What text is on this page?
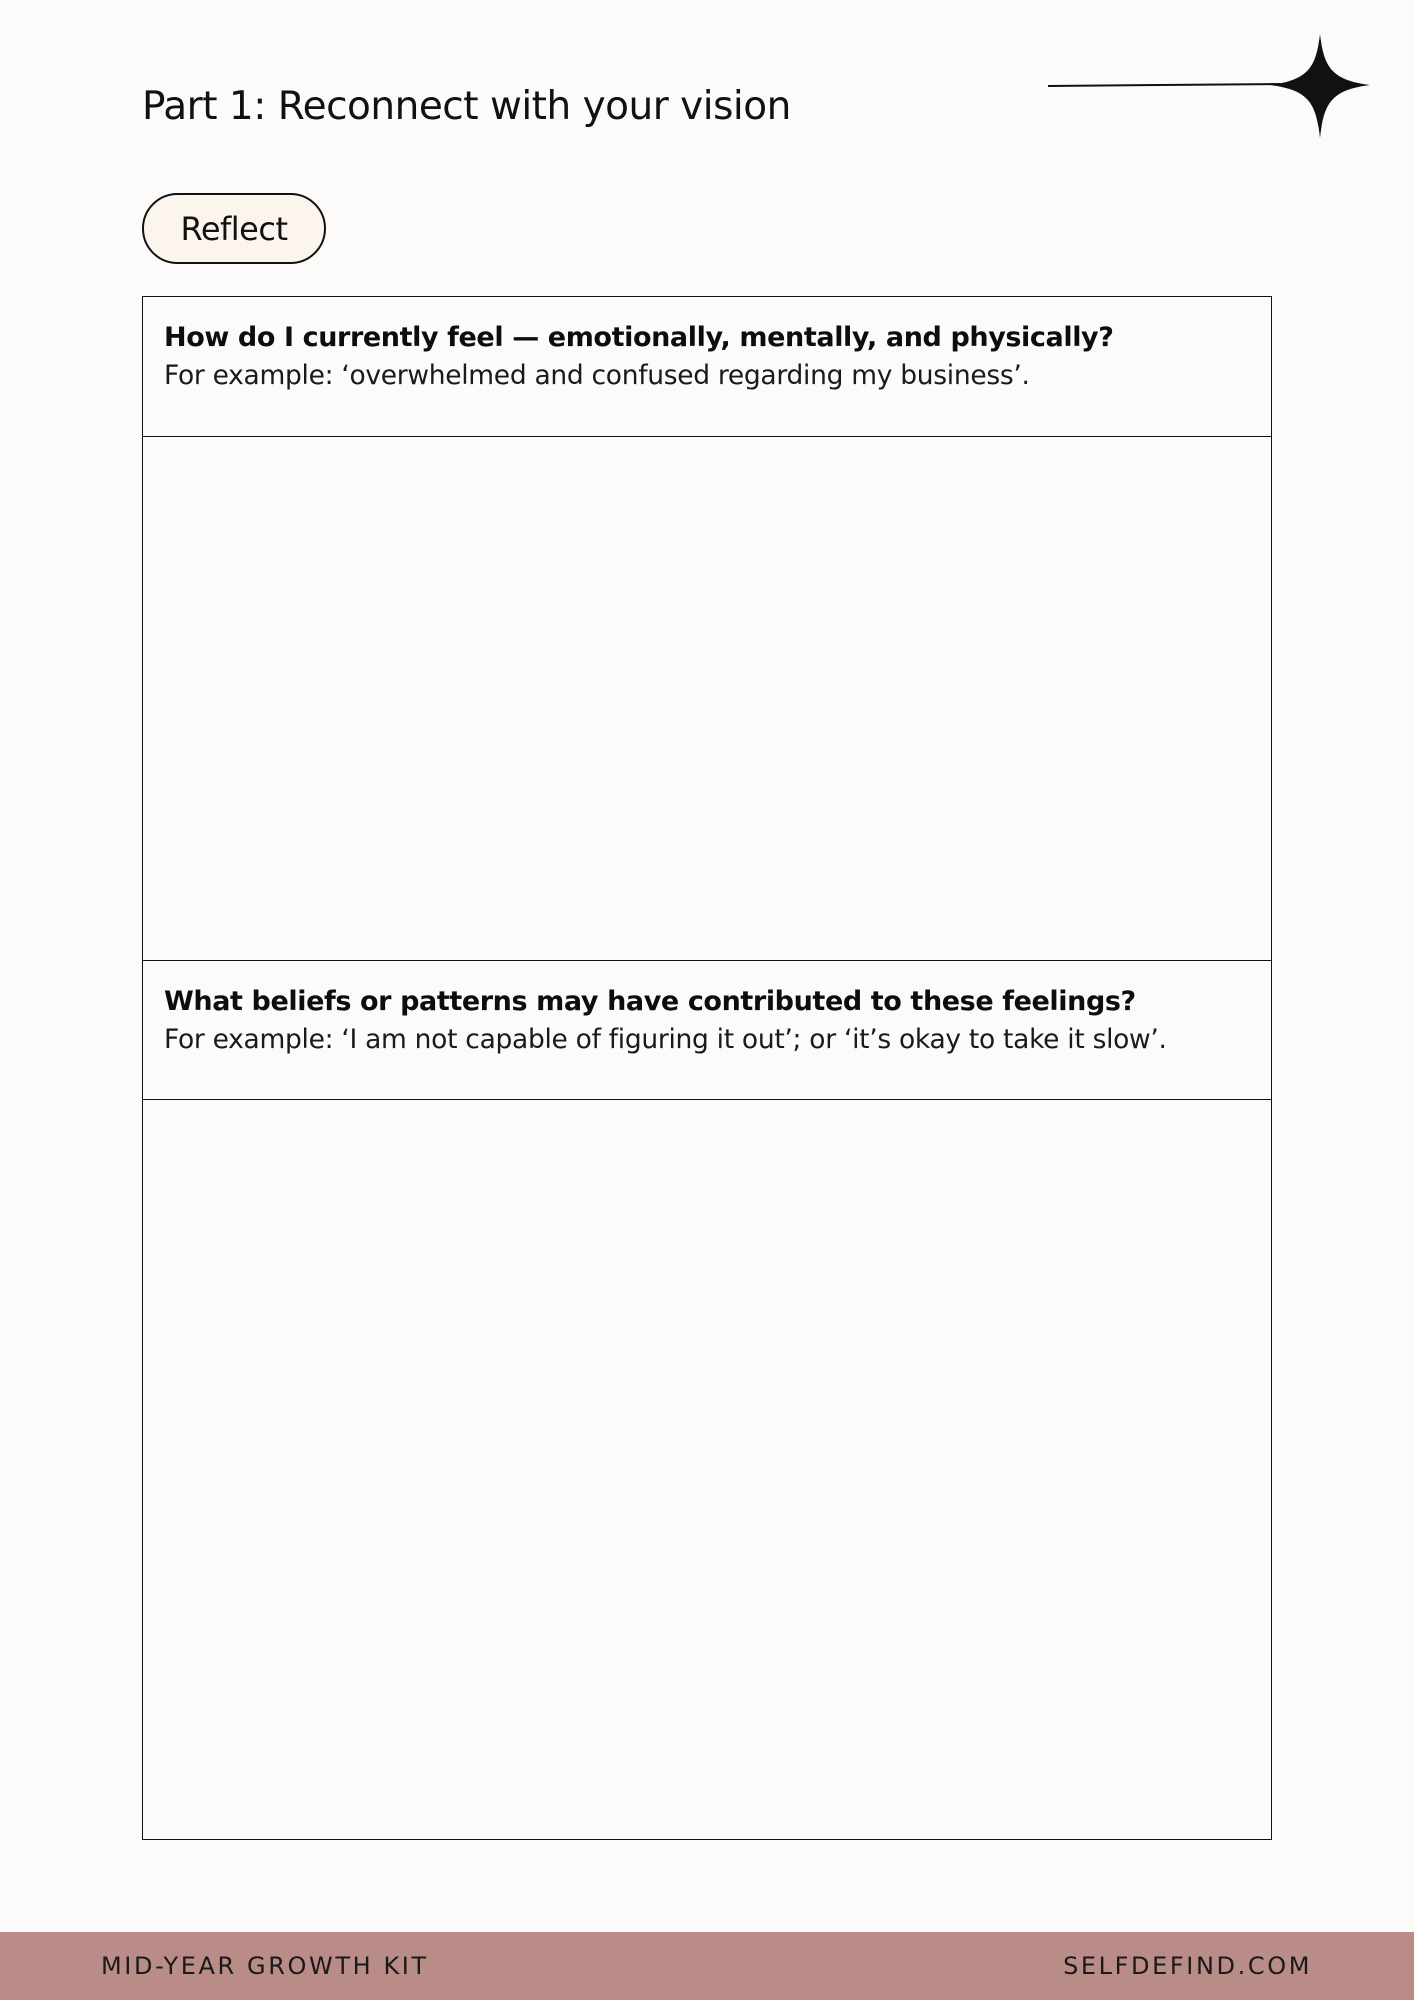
Part 1: Reconnect with your vision
Reflect
How do I currently feel — emotionally, mentally, and physically?
For example: ‘overwhelmed and confused regarding my business’.
What beliefs or patterns may have contributed to these feelings?
For example: ‘I am not capable of figuring it out’; or ‘it’s okay to take it slow’.
MID-YEAR GROWTH KIT	SELFDEFIND.COM
